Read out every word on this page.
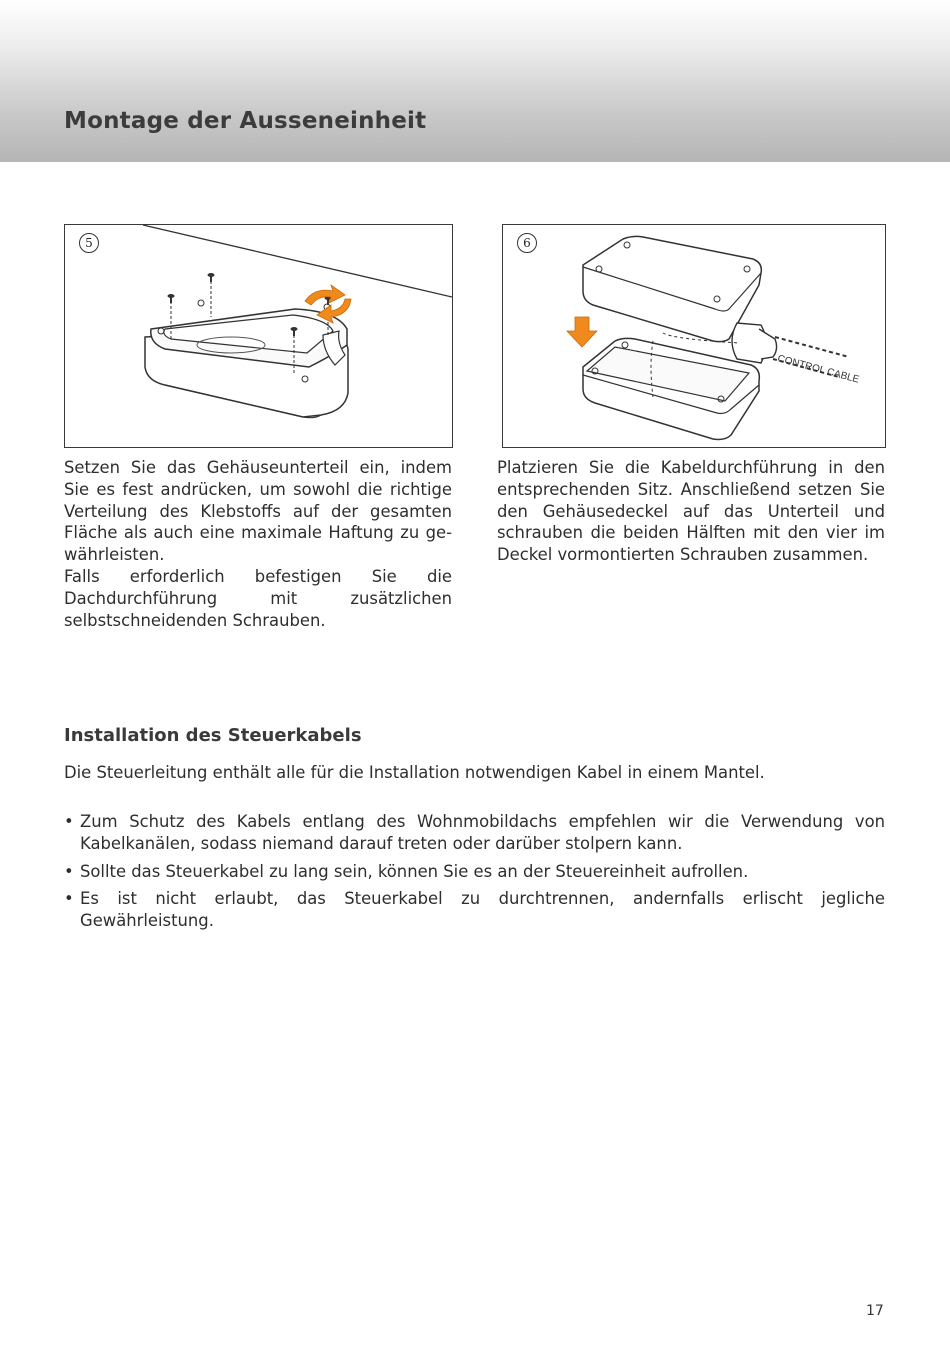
Montage der Ausseneinheit
5
CONTROL CABLE
6

Setzen Sie das Gehäuseunterteil ein, indem Sie es fest andrücken, um sowohl die richtige Verteilung des Klebstoffs auf der gesamten Fläche als auch eine maximale Haftung zu gewährleisten.

Falls erforderlich befestigen Sie die Dachdurchführung mit zusätzlichen selbstschneidenden Schrauben.

Platzieren Sie die Kabeldurchführung in den entsprechenden Sitz. Anschließend setzen Sie den Gehäusedeckel auf das Unterteil und schrauben die beiden Hälften mit den vier im Deckel vormontierten Schrauben zusammen.

Installation des Steuerkabels

Die Steuerleitung enthält alle für die Installation notwendigen Kabel in einem Mantel.

• Zum Schutz des Kabels entlang des Wohnmobildachs empfehlen wir die Verwendung von Kabelkanälen, sodass niemand darauf treten oder darüber stolpern kann.
• Sollte das Steuerkabel zu lang sein, können Sie es an der Steuereinheit aufrollen.
• Es ist nicht erlaubt, das Steuerkabel zu durchtrennen, andernfalls erlischt jegliche Gewährleistung.
17
